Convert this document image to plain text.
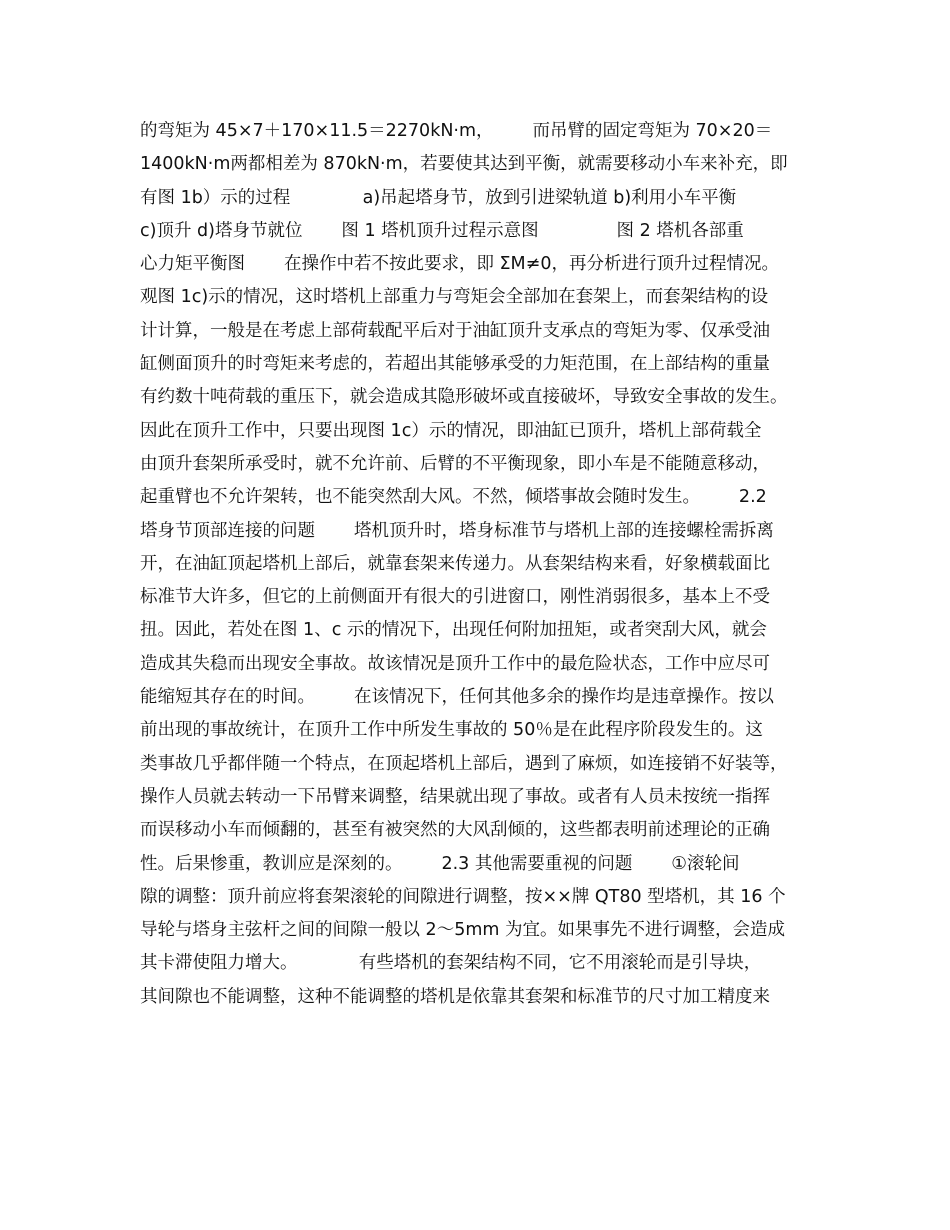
的弯矩为 45×7＋170×11.5＝2270kN·m，       而吊臂的固定弯矩为 70×20＝
1400kN·m两都相差为 870kN·m，若要使其达到平衡，就需要移动小车来补充，即
有图 1b）示的过程             a)吊起塔身节，放到引进梁轨道 b)利用小车平衡
c)顶升 d)塔身节就位       图 1 塔机顶升过程示意图              图 2 塔机各部重
心力矩平衡图       在操作中若不按此要求，即 ΣM≠0，再分析进行顶升过程情况。
观图 1c)示的情况，这时塔机上部重力与弯矩会全部加在套架上，而套架结构的设
计计算，一般是在考虑上部荷载配平后对于油缸顶升支承点的弯矩为零、仅承受油
缸侧面顶升的时弯矩来考虑的，若超出其能够承受的力矩范围，在上部结构的重量
有约数十吨荷载的重压下，就会造成其隐形破坏或直接破坏，导致安全事故的发生。
因此在顶升工作中，只要出现图 1c）示的情况，即油缸已顶升，塔机上部荷载全
由顶升套架所承受时，就不允许前、后臂的不平衡现象，即小车是不能随意移动，
起重臂也不允许架转，也不能突然刮大风。不然，倾塔事故会随时发生。       2.2
塔身节顶部连接的问题       塔机顶升时，塔身标准节与塔机上部的连接螺栓需拆离
开，在油缸顶起塔机上部后，就靠套架来传递力。从套架结构来看，好象横载面比
标准节大许多，但它的上前侧面开有很大的引进窗口，刚性消弱很多，基本上不受
扭。因此，若处在图 1、c 示的情况下，出现任何附加扭矩，或者突刮大风，就会
造成其失稳而出现安全事故。故该情况是顶升工作中的最危险状态，工作中应尽可
能缩短其存在的时间。       在该情况下，任何其他多余的操作均是违章操作。按以
前出现的事故统计，在顶升工作中所发生事故的 50％是在此程序阶段发生的。这
类事故几乎都伴随一个特点，在顶起塔机上部后，遇到了麻烦，如连接销不好装等，
操作人员就去转动一下吊臂来调整，结果就出现了事故。或者有人员未按统一指挥
而误移动小车而倾翻的，甚至有被突然的大风刮倾的，这些都表明前述理论的正确
性。后果惨重，教训应是深刻的。       2.3 其他需要重视的问题       ①滚轮间
隙的调整：顶升前应将套架滚轮的间隙进行调整，按××牌 QT80 型塔机，其 16 个
导轮与塔身主弦杆之间的间隙一般以 2～5mm 为宜。如果事先不进行调整，会造成
其卡滞使阻力增大。           有些塔机的套架结构不同，它不用滚轮而是引导块，
其间隙也不能调整，这种不能调整的塔机是依靠其套架和标准节的尺寸加工精度来
